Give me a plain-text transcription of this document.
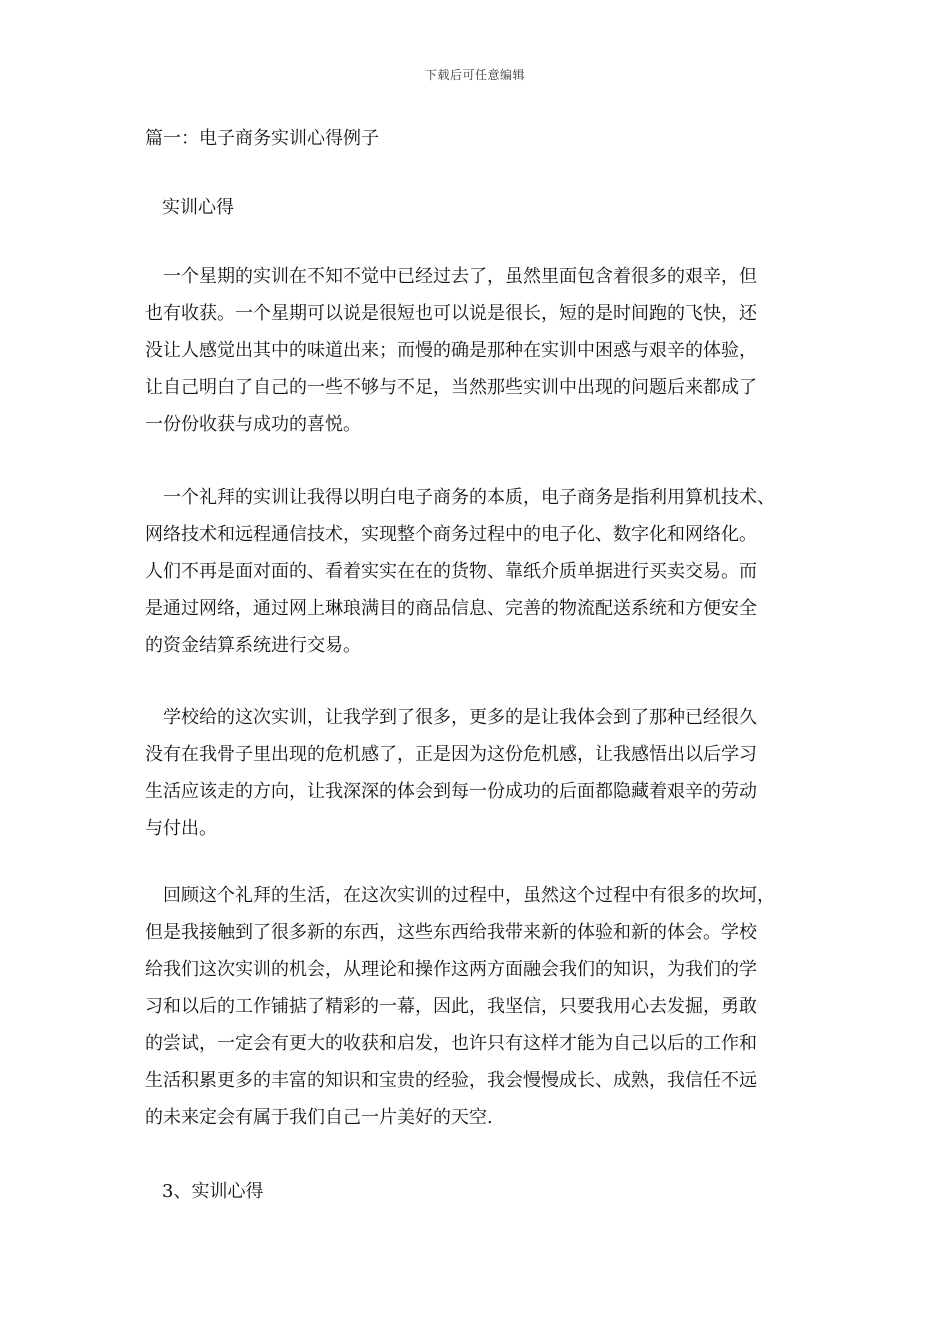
下载后可任意编辑
篇一：电子商务实训心得例子
实训心得
一个星期的实训在不知不觉中已经过去了，虽然里面包含着很多的艰辛，但
也有收获。一个星期可以说是很短也可以说是很长，短的是时间跑的飞快，还
没让人感觉出其中的味道出来；而慢的确是那种在实训中困惑与艰辛的体验，
让自己明白了自己的一些不够与不足，当然那些实训中出现的问题后来都成了
一份份收获与成功的喜悦。
一个礼拜的实训让我得以明白电子商务的本质，电子商务是指利用算机技术、
网络技术和远程通信技术，实现整个商务过程中的电子化、数字化和网络化。
人们不再是面对面的、看着实实在在的货物、靠纸介质单据进行买卖交易。而
是通过网络，通过网上琳琅满目的商品信息、完善的物流配送系统和方便安全
的资金结算系统进行交易。
学校给的这次实训，让我学到了很多，更多的是让我体会到了那种已经很久
没有在我骨子里出现的危机感了，正是因为这份危机感，让我感悟出以后学习
生活应该走的方向，让我深深的体会到每一份成功的后面都隐藏着艰辛的劳动
与付出。
回顾这个礼拜的生活，在这次实训的过程中，虽然这个过程中有很多的坎坷，
但是我接触到了很多新的东西，这些东西给我带来新的体验和新的体会。学校
给我们这次实训的机会，从理论和操作这两方面融会我们的知识，为我们的学
习和以后的工作铺掂了精彩的一幕，因此，我坚信，只要我用心去发掘，勇敢
的尝试，一定会有更大的收获和启发，也许只有这样才能为自己以后的工作和
生活积累更多的丰富的知识和宝贵的经验，我会慢慢成长、成熟，我信任不远
的未来定会有属于我们自己一片美好的天空.
3、实训心得
